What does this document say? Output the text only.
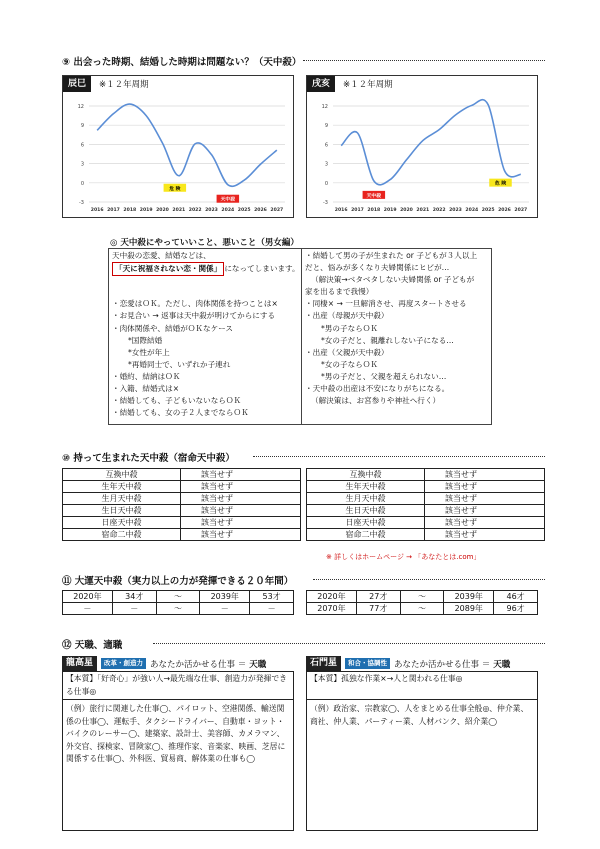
⑨ 出会った時期、結婚した時期は問題ない？（天中殺）
辰巳	※１２年周期
12
9
6
3
0
-3
2016 2017 2018 2019 2020 2021 2022 2023 2024 2025 2026 2027
危 険
天中殺
戌亥	※１２年周期
12
9
6
3
0
-3
2016 2017 2018 2019 2020 2021 2022 2023 2024 2025 2026 2027
天中殺
危 険
◎ 天中殺にやっていいこと、悪いこと（男女編）
天中殺の恋愛、結婚などは、
「天に祝福されない恋・関係」 になってしまいます。
・恋愛はＯＫ。ただし、肉体関係を持つことは×
・お見合い → 返事は天中殺が明けてからにする
・肉体関係や、結婚がＯＫなケース
*国際結婚
*女性が年上
*再婚同士で、いずれか子連れ
・婚約、結納はＯＫ
・入籍、結婚式は×
・結婚しても、子どもいないならＯＫ
・結婚しても、女の子２人までならＯＫ
・結婚して男の子が生まれた or 子どもが３人以上
だと、悩みが多くなり夫婦関係にヒビが…
（解決策→ベタベタしない夫婦関係 or 子どもが
家を出るまで我慢）
・同棲× → 一旦解消させ、再度スタートさせる
・出産（母親が天中殺）
*男の子ならＯＫ
*女の子だと、親離れしない子になる…
・出産（父親が天中殺）
*女の子ならＯＫ
*男の子だと、父親を超えられない…
・天中殺の出産は不安になりがちになる。
（解決策は、お宮参りや神社へ行く）
⑩ 持って生まれた天中殺（宿命天中殺）
互換中殺	該当せず
生年天中殺	該当せず
生月天中殺	該当せず
生日天中殺	該当せず
日座天中殺	該当せず
宿命二中殺	該当せず
互換中殺	該当せず
生年天中殺	該当せず
生月天中殺	該当せず
生日天中殺	該当せず
日座天中殺	該当せず
宿命二中殺	該当せず
※ 詳しくはホームページ → 「あなたとは.com」
⑪ 大運天中殺（実力以上の力が発揮できる２０年間）
2020年	34才	～	2039年	53才
－	－	～	－	－
2020年	27才	～	2039年	46才
2070年	77才	～	2089年	96才
⑫ 天職、適職
龍高星	改革・創造力 あなたか活かせる仕事 ＝ 天職
【本質】「好奇心」が強い人→最先端な仕事、創造力が発揮できる仕事◎
（例）旅行に関連した仕事◯、パイロット、空港関係、輸送関係の仕事◯、運転手、タクシードライバー、自動車・ヨット・バイクのレーサー◯、建築家、設計士、美容師、カメラマン、外交官、探検家、冒険家◯、推理作家、音楽家、映画、芝居に関係する仕事◯、外科医、貿易商、解体業の仕事も◯
石門星	和合・協調性 あなたか活かせる仕事 ＝ 天職
【本質】孤独な作業×→人と関われる仕事◎
（例）政治家、宗教家◯、人をまとめる仕事全般◎、仲介業、商社、仲人業、パーティー業、人材バンク、紹介業◯
